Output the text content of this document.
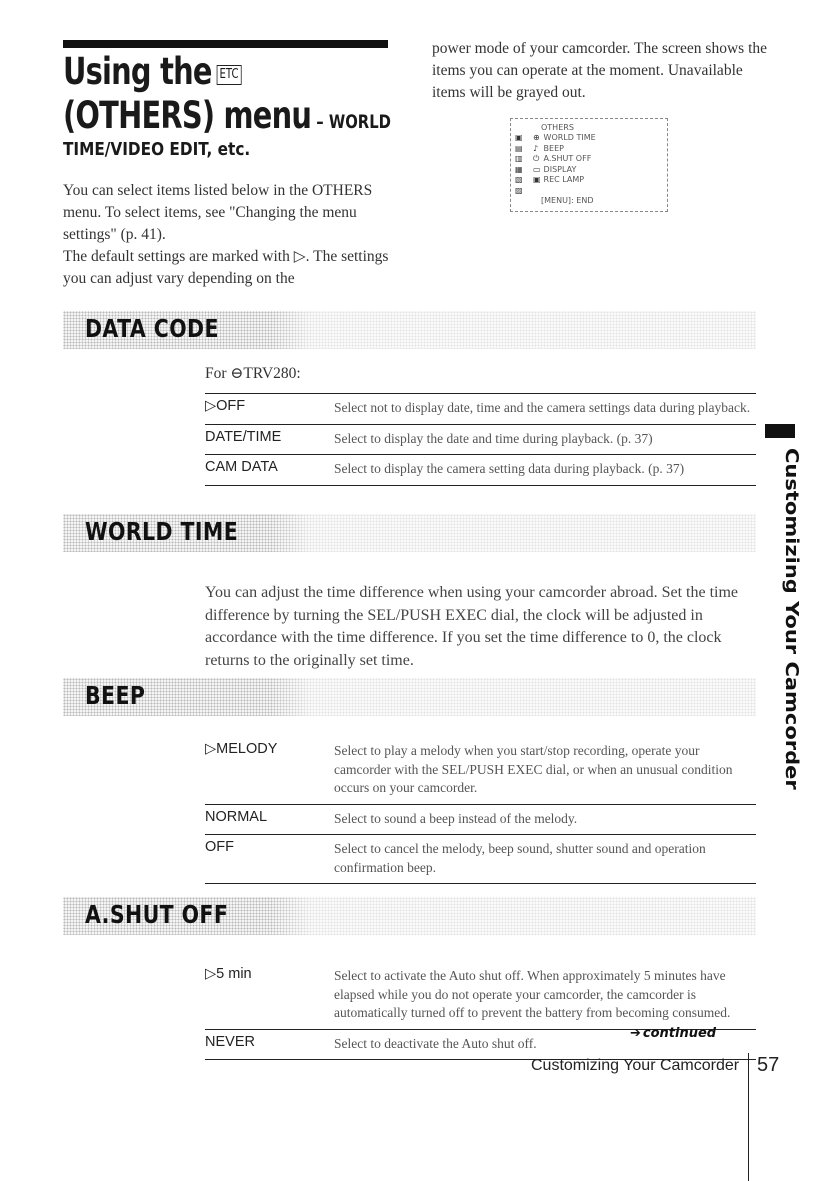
Using the ETC
(OTHERS) menu – WORLD
TIME/VIDEO EDIT, etc.

You can select items listed below in the OTHERS menu. To select items, see "Changing the menu settings" (p. 41).

The default settings are marked with ▷. The settings you can adjust vary depending on the

OTHERS
▣
▤
▥
▦
▧
▨
⊕ WORLD TIME
♪ BEEP
⏻ A.SHUT OFF
▭ DISPLAY
▣ REC LAMP
[MENU]: END
DATA CODE
For ⊖TRV280:
▷OFF	Select not to display date, time and the camera settings data during playback.
DATE/TIME	Select to display the date and time during playback. (p. 37)
CAM DATA	Select to display the camera setting data during playback. (p. 37)
WORLD TIME
You can adjust the time difference when using your camcorder abroad. Set the time difference by turning the SEL/PUSH EXEC dial, the clock will be adjusted in accordance with the time difference. If you set the time difference to 0, the clock returns to the originally set time.
BEEP
▷MELODY	Select to play a melody when you start/stop recording, operate your camcorder with the SEL/PUSH EXEC dial, or when an unusual condition occurs on your camcorder.
NORMAL	Select to sound a beep instead of the melody.
OFF	Select to cancel the melody, beep sound, shutter sound and operation confirmation beep.
A.SHUT OFF
▷5 min	Select to activate the Auto shut off. When approximately 5 minutes have elapsed while you do not operate your camcorder, the camcorder is automatically turned off to prevent the battery from becoming consumed.
NEVER	Select to deactivate the Auto shut off.
➔ continued
Customizing Your Camcorder 57
Customizing Your Camcorder

power mode of your camcorder. The screen shows the items you can operate at the moment. Unavailable items will be grayed out.
